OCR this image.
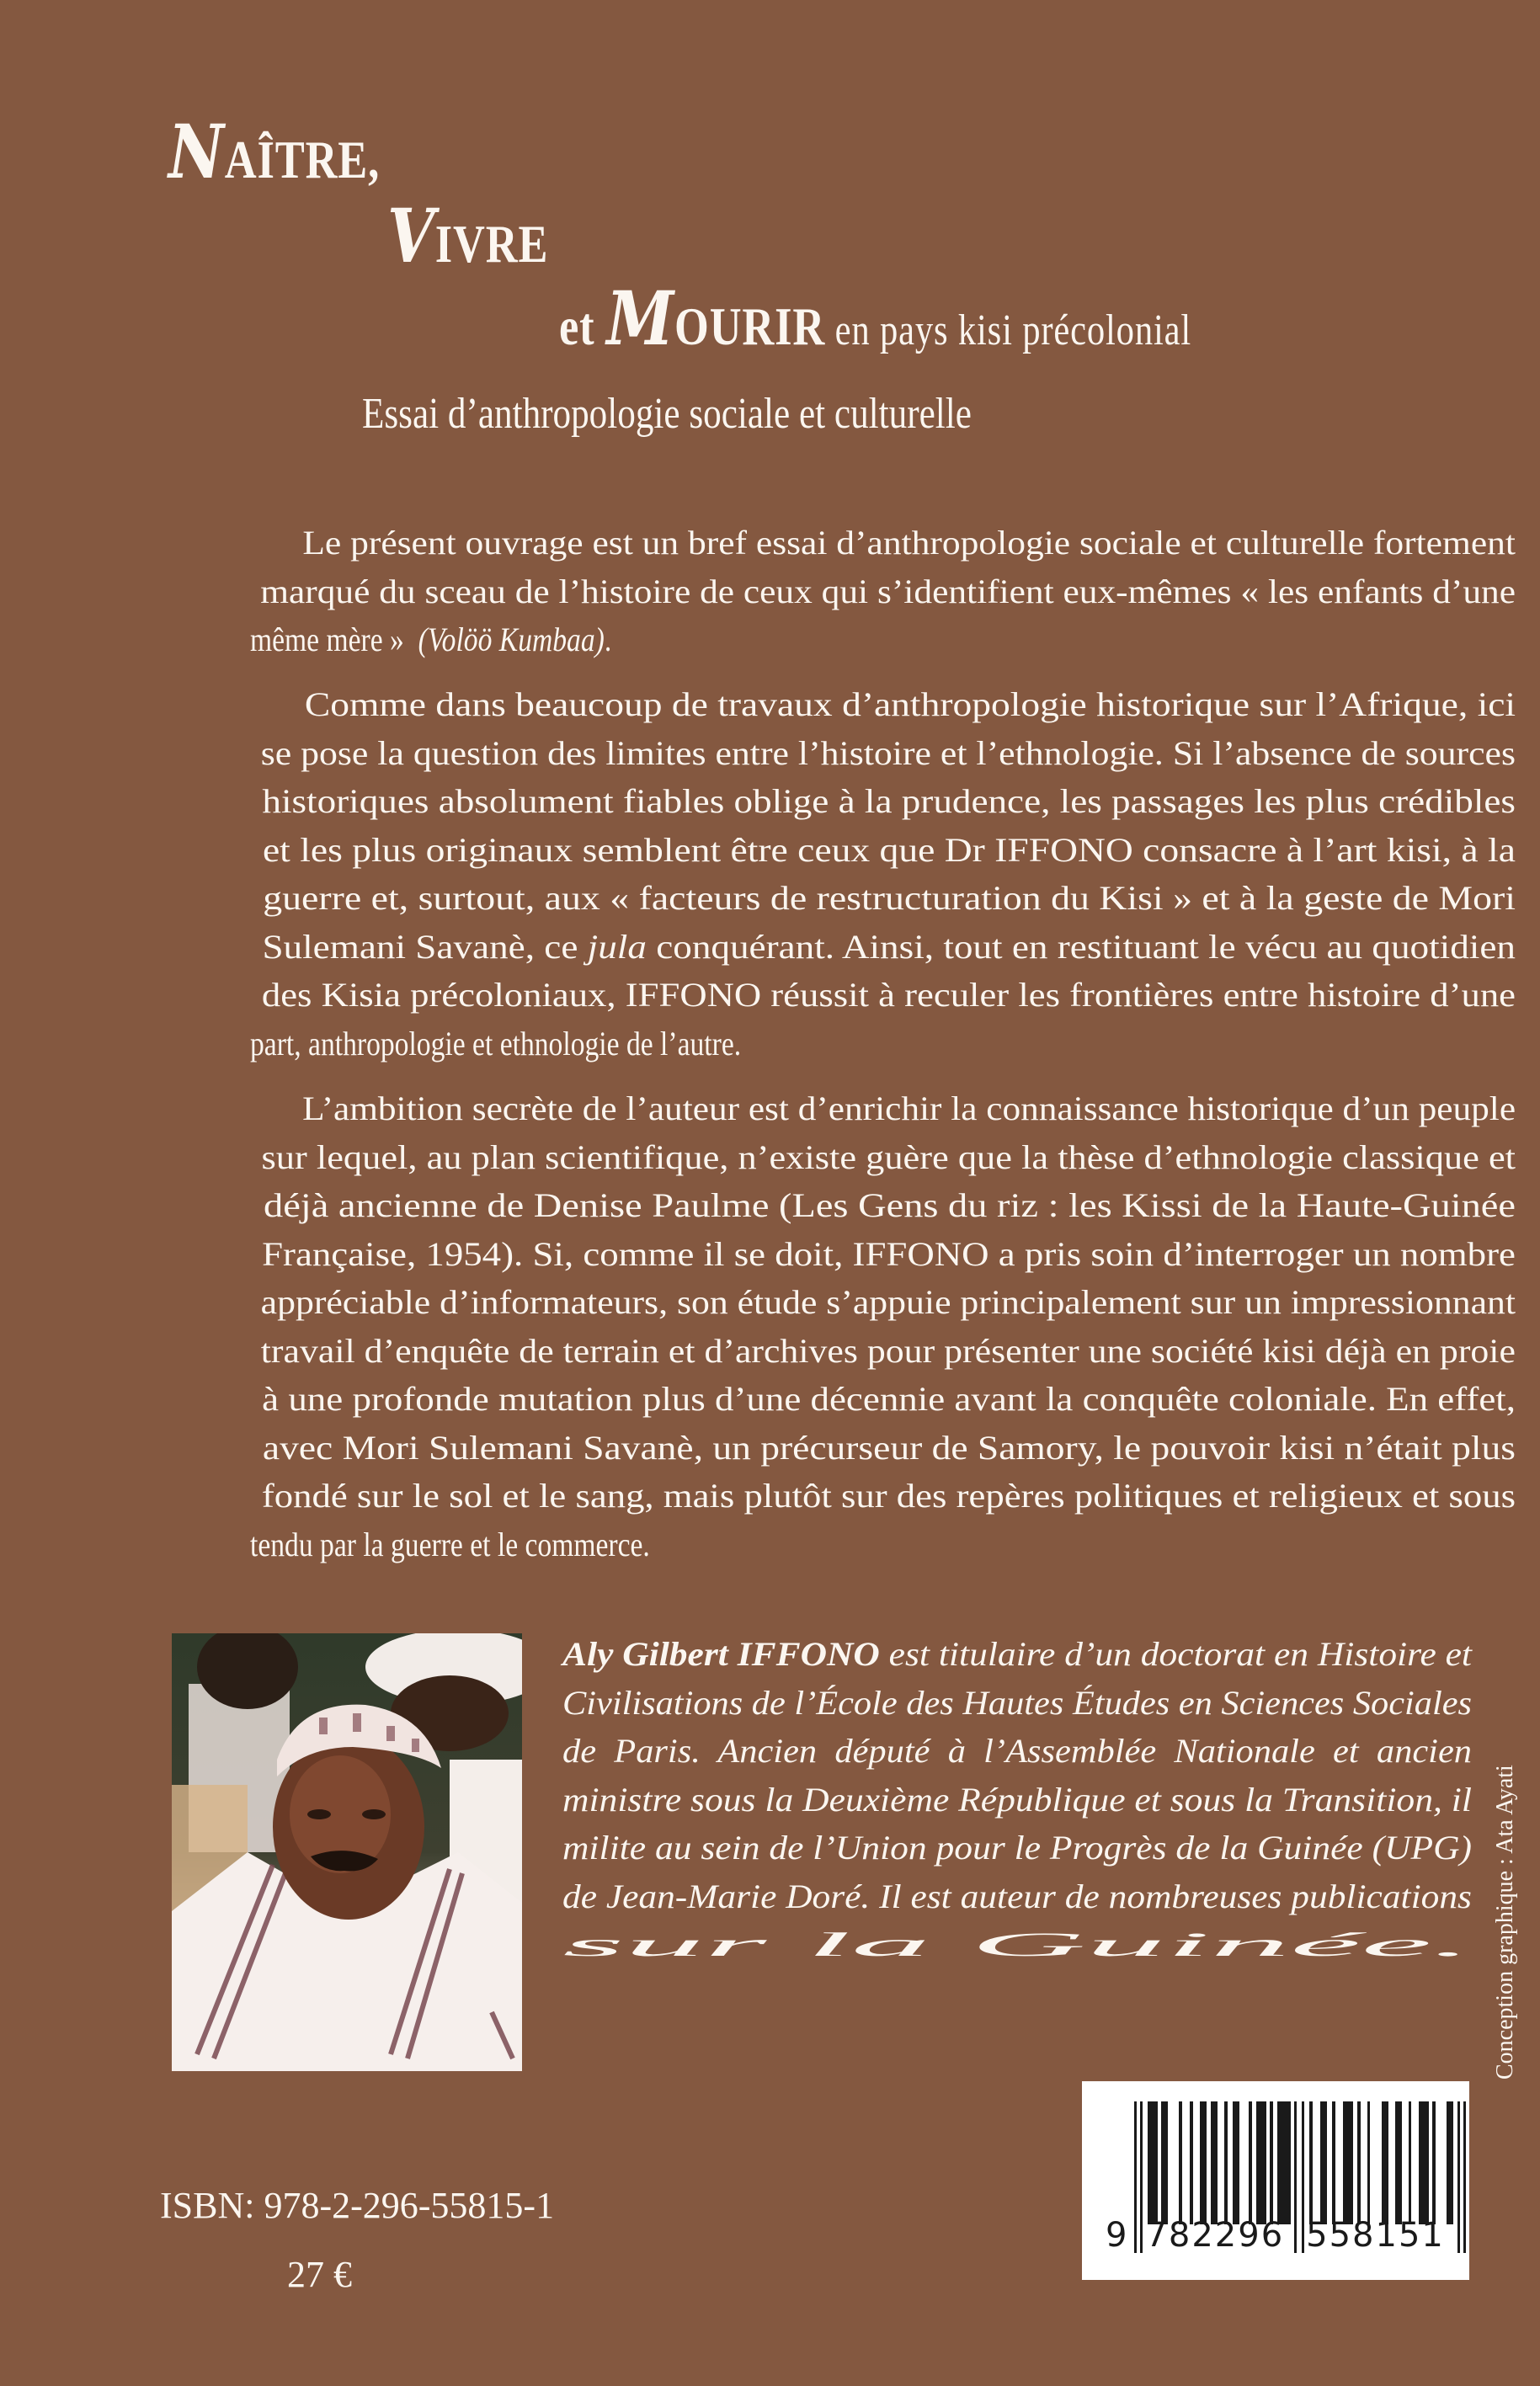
NAÎTRE,
VIVRE
et MOURIR en pays kisi précolonial
Essai d’anthropologie sociale et culturelle

Le présent ouvrage est un bref essai d’anthropologie sociale et culturelle fortement
marqué du sceau de l’histoire de ceux qui s’identifient eux-mêmes « les enfants d’une
même mère »  (Volöö Kumbaa).

Comme dans beaucoup de travaux d’anthropologie historique sur l’Afrique, ici
se pose la question des limites entre l’histoire et l’ethnologie. Si l’absence de sources
historiques absolument fiables oblige à la prudence, les passages les plus crédibles
et les plus originaux semblent être ceux que Dr IFFONO consacre à l’art kisi, à la
guerre et, surtout, aux « facteurs de restructuration du Kisi » et à la geste de Mori
Sulemani Savanè, ce jula conquérant. Ainsi, tout en restituant le vécu au quotidien
des Kisia précoloniaux, IFFONO réussit à reculer les frontières entre histoire d’une
part, anthropologie et ethnologie de l’autre.

L’ambition secrète de l’auteur est d’enrichir la connaissance historique d’un peuple
sur lequel, au plan scientifique, n’existe guère que la thèse d’ethnologie classique et
déjà ancienne de Denise Paulme (Les Gens du riz : les Kissi de la Haute-Guinée
Française, 1954). Si, comme il se doit, IFFONO a pris soin d’interroger un nombre
appréciable d’informateurs, son étude s’appuie principalement sur un impressionnant
travail d’enquête de terrain et d’archives pour présenter une société kisi déjà en proie
à une profonde mutation plus d’une décennie avant la conquête coloniale. En effet,
avec Mori Sulemani Savanè, un précurseur de Samory, le pouvoir kisi n’était plus
fondé sur le sol et le sang, mais plutôt sur des repères politiques et religieux et sous
tendu par la guerre et le commerce.

Aly Gilbert IFFONO est titulaire d’un doctorat en Histoire et
Civilisations de l’École des Hautes Études en Sciences Sociales
de  Paris.  Ancien  député  à  l’Assemblée  Nationale  et  ancien
ministre sous la Deuxième République et sous la Transition, il
milite au sein de l’Union pour le Progrès de la Guinée (UPG)
de Jean-Marie Doré. Il est auteur de nombreuses publications
sur la Guinée. Conception graphique : Ata Ayati
9 782296 558151
ISBN: 978-2-296-55815-1
27 €
